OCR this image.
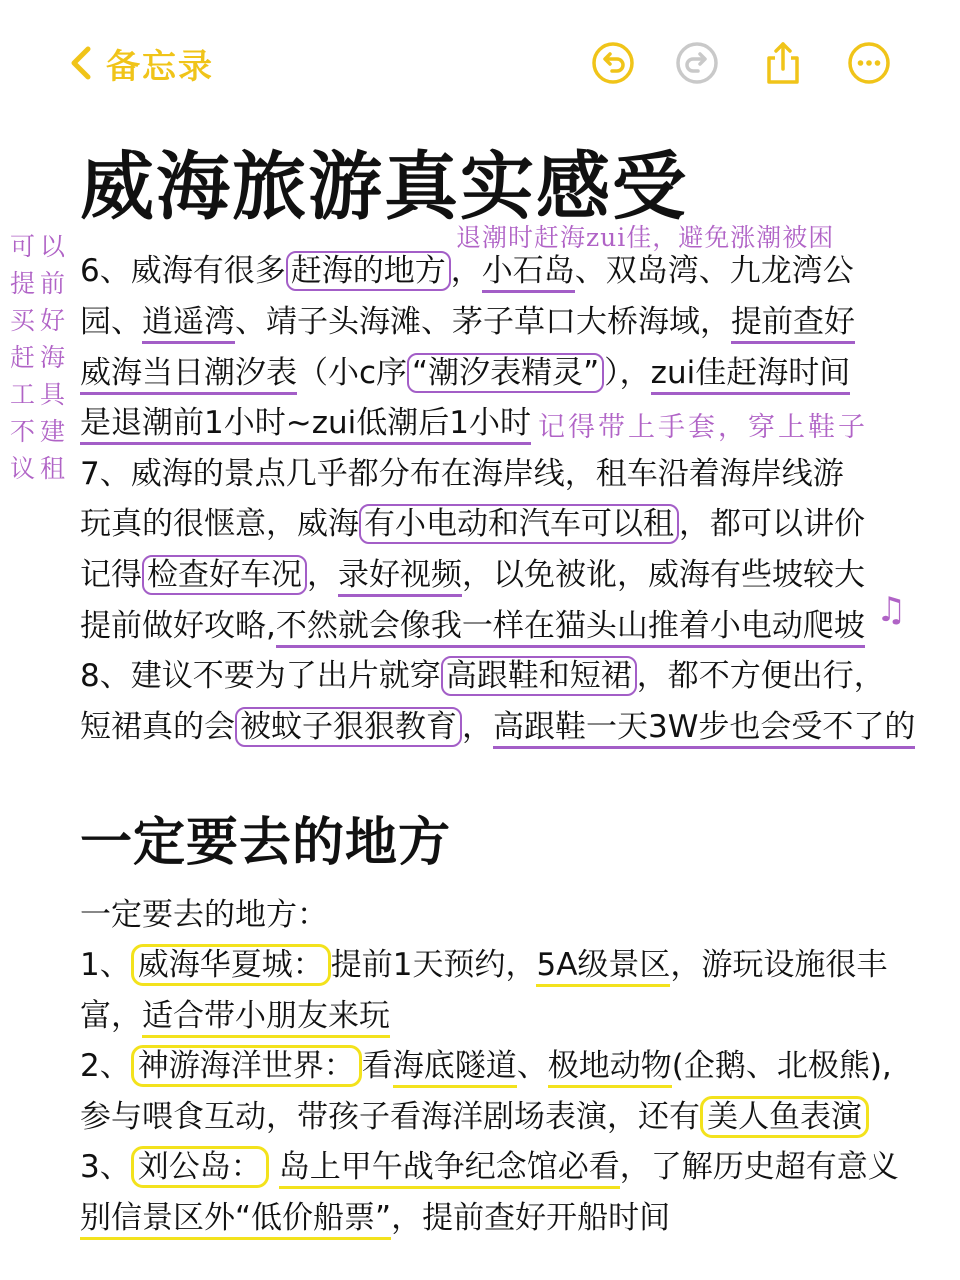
备忘录
威海旅游真实感受
退潮时赶海zui佳，避免涨潮被困
可以提前买好赶海工具不建议租
记得带上手套，穿上鞋子
♫
6、威海有很多 赶海的地方 ，小石岛、双岛湾、九龙湾公
园、逍遥湾、靖子头海滩、茅子草口大桥海域，提前查好
威海当日潮汐表（小c序 “潮汐表精灵” ），zui佳赶海时间
是退潮前1小时~zui低潮后1小时
7、威海的景点几乎都分布在海岸线，租车沿着海岸线游
玩真的很惬意，威海 有小电动和汽车可以租 ，都可以讲价
记得 检查好车况 ，录好视频，以免被讹，威海有些坡较大
提前做好攻略,不然就会像我一样在猫头山推着小电动爬坡
8、建议不要为了出片就穿 高跟鞋和短裙 ，都不方便出行，
短裙真的会 被蚊子狠狠教育 ，高跟鞋一天3W步也会受不了的
一定要去的地方
一定要去的地方：
1、 威海华夏城： 提前1天预约，5A级景区，游玩设施很丰
富，适合带小朋友来玩
2、 神游海洋世界： 看海底隧道、极地动物(企鹅、北极熊),
参与喂食互动，带孩子看海洋剧场表演，还有 美人鱼表演
3、 刘公岛： 岛上甲午战争纪念馆必看，了解历史超有意义
别信景区外“低价船票”，提前查好开船时间
